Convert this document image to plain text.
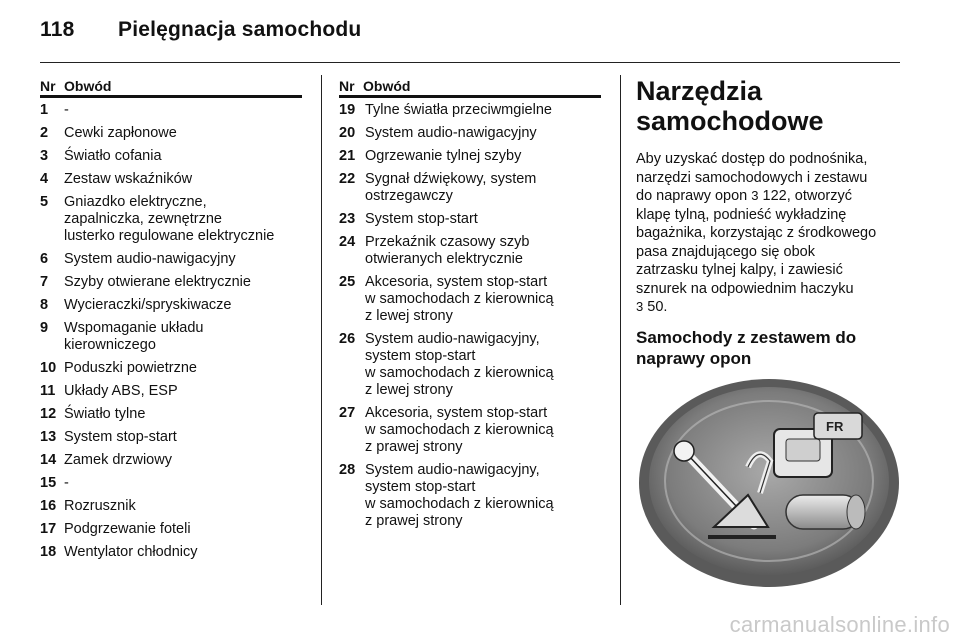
118 Pielęgnacja samochodu
Nr Obwód
1	-
2	Cewki zapłonowe
3	Światło cofania
4	Zestaw wskaźników
5	Gniazdko elektryczne,
zapalniczka, zewnętrzne
lusterko regulowane elektrycznie
6	System audio-nawigacyjny
7	Szyby otwierane elektrycznie
8	Wycieraczki/spryskiwacze
9	Wspomaganie układu
kierowniczego
10 Poduszki powietrzne
11 Układy ABS, ESP
12 Światło tylne
13 System stop-start
14 Zamek drzwiowy
15 -
16 Rozrusznik
17 Podgrzewanie foteli
18 Wentylator chłodnicy
Nr Obwód
19 Tylne światła przeciwmgielne
20 System audio-nawigacyjny
21 Ogrzewanie tylnej szyby
22 Sygnał dźwiękowy, system
ostrzegawczy
23 System stop-start
24 Przekaźnik czasowy szyb
otwieranych elektrycznie
25 Akcesoria, system stop-start
w samochodach z kierownicą
z lewej strony
26 System audio-nawigacyjny,
system stop-start
w samochodach z kierownicą
z lewej strony
27 Akcesoria, system stop-start
w samochodach z kierownicą
z prawej strony
28 System audio-nawigacyjny,
system stop-start
w samochodach z kierownicą
z prawej strony
Narzędzia
samochodowe
Aby uzyskać dostęp do podnośnika,
narzędzi samochodowych i zestawu
do naprawy opon 3 122, otworzyć
klapę tylną, podnieść wykładzinę
bagażnika, korzystając z środkowego
pasa znajdującego się obok
zatrzasku tylnej kalpy, i zawiesić
sznurek na odpowiednim haczyku
3 50.
Samochody z zestawem do
naprawy opon
FR
carmanualsonline.info
